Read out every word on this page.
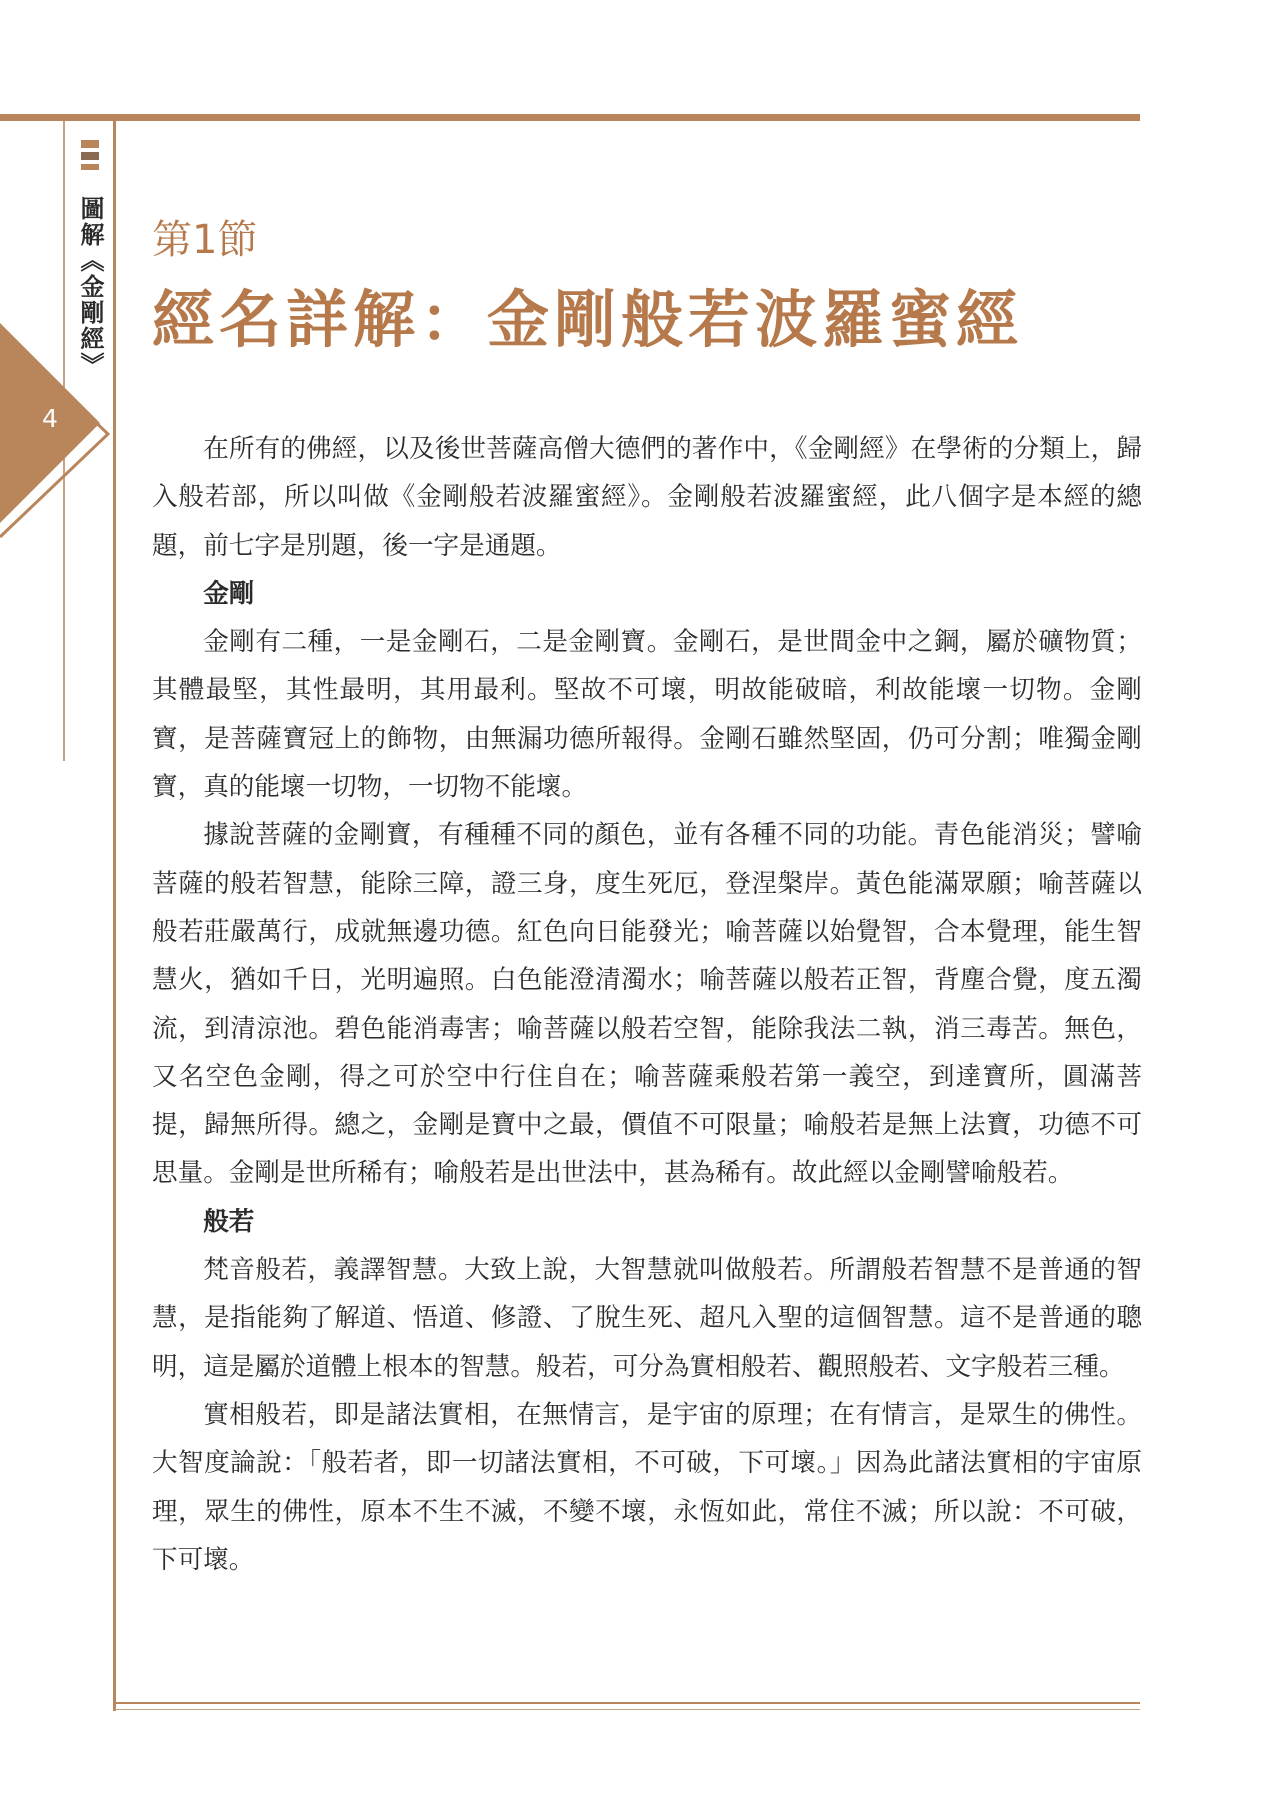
圖解《金剛經》
4
第1節
經名詳解：金剛般若波羅蜜經

在所有的佛經，以及後世菩薩高僧大德們的著作中，《金剛經》在學術的分類上，歸入般若部，所以叫做《金剛般若波羅蜜經》。金剛般若波羅蜜經，此八個字是本經的總題，前七字是別題，後一字是通題。

金剛

金剛有二種，一是金剛石，二是金剛寶。金剛石，是世間金中之鋼，屬於礦物質；其體最堅，其性最明，其用最利。堅故不可壞，明故能破暗，利故能壞一切物。金剛寶，是菩薩寶冠上的飾物，由無漏功德所報得。金剛石雖然堅固，仍可分割；唯獨金剛寶，真的能壞一切物，一切物不能壞。

據說菩薩的金剛寶，有種種不同的顏色，並有各種不同的功能。青色能消災；譬喻菩薩的般若智慧，能除三障，證三身，度生死厄，登涅槃岸。黃色能滿眾願；喻菩薩以般若莊嚴萬行，成就無邊功德。紅色向日能發光；喻菩薩以始覺智，合本覺理，能生智慧火，猶如千日，光明遍照。白色能澄清濁水；喻菩薩以般若正智，背塵合覺，度五濁流，到清涼池。碧色能消毒害；喻菩薩以般若空智，能除我法二執，消三毒苦。無色，又名空色金剛，得之可於空中行住自在；喻菩薩乘般若第一義空，到達寶所，圓滿菩提，歸無所得。總之，金剛是寶中之最，價值不可限量；喻般若是無上法寶，功德不可思量。金剛是世所稀有；喻般若是出世法中，甚為稀有。故此經以金剛譬喻般若。

般若

梵音般若，義譯智慧。大致上說，大智慧就叫做般若。所謂般若智慧不是普通的智慧，是指能夠了解道、悟道、修證、了脫生死、超凡入聖的這個智慧。這不是普通的聰明，這是屬於道體上根本的智慧。般若，可分為實相般若、觀照般若、文字般若三種。

實相般若，即是諸法實相，在無情言，是宇宙的原理；在有情言，是眾生的佛性。大智度論說：「般若者，即一切諸法實相，不可破，下可壞。」因為此諸法實相的宇宙原理，眾生的佛性，原本不生不滅，不變不壞，永恆如此，常住不滅；所以說：不可破，下可壞。
